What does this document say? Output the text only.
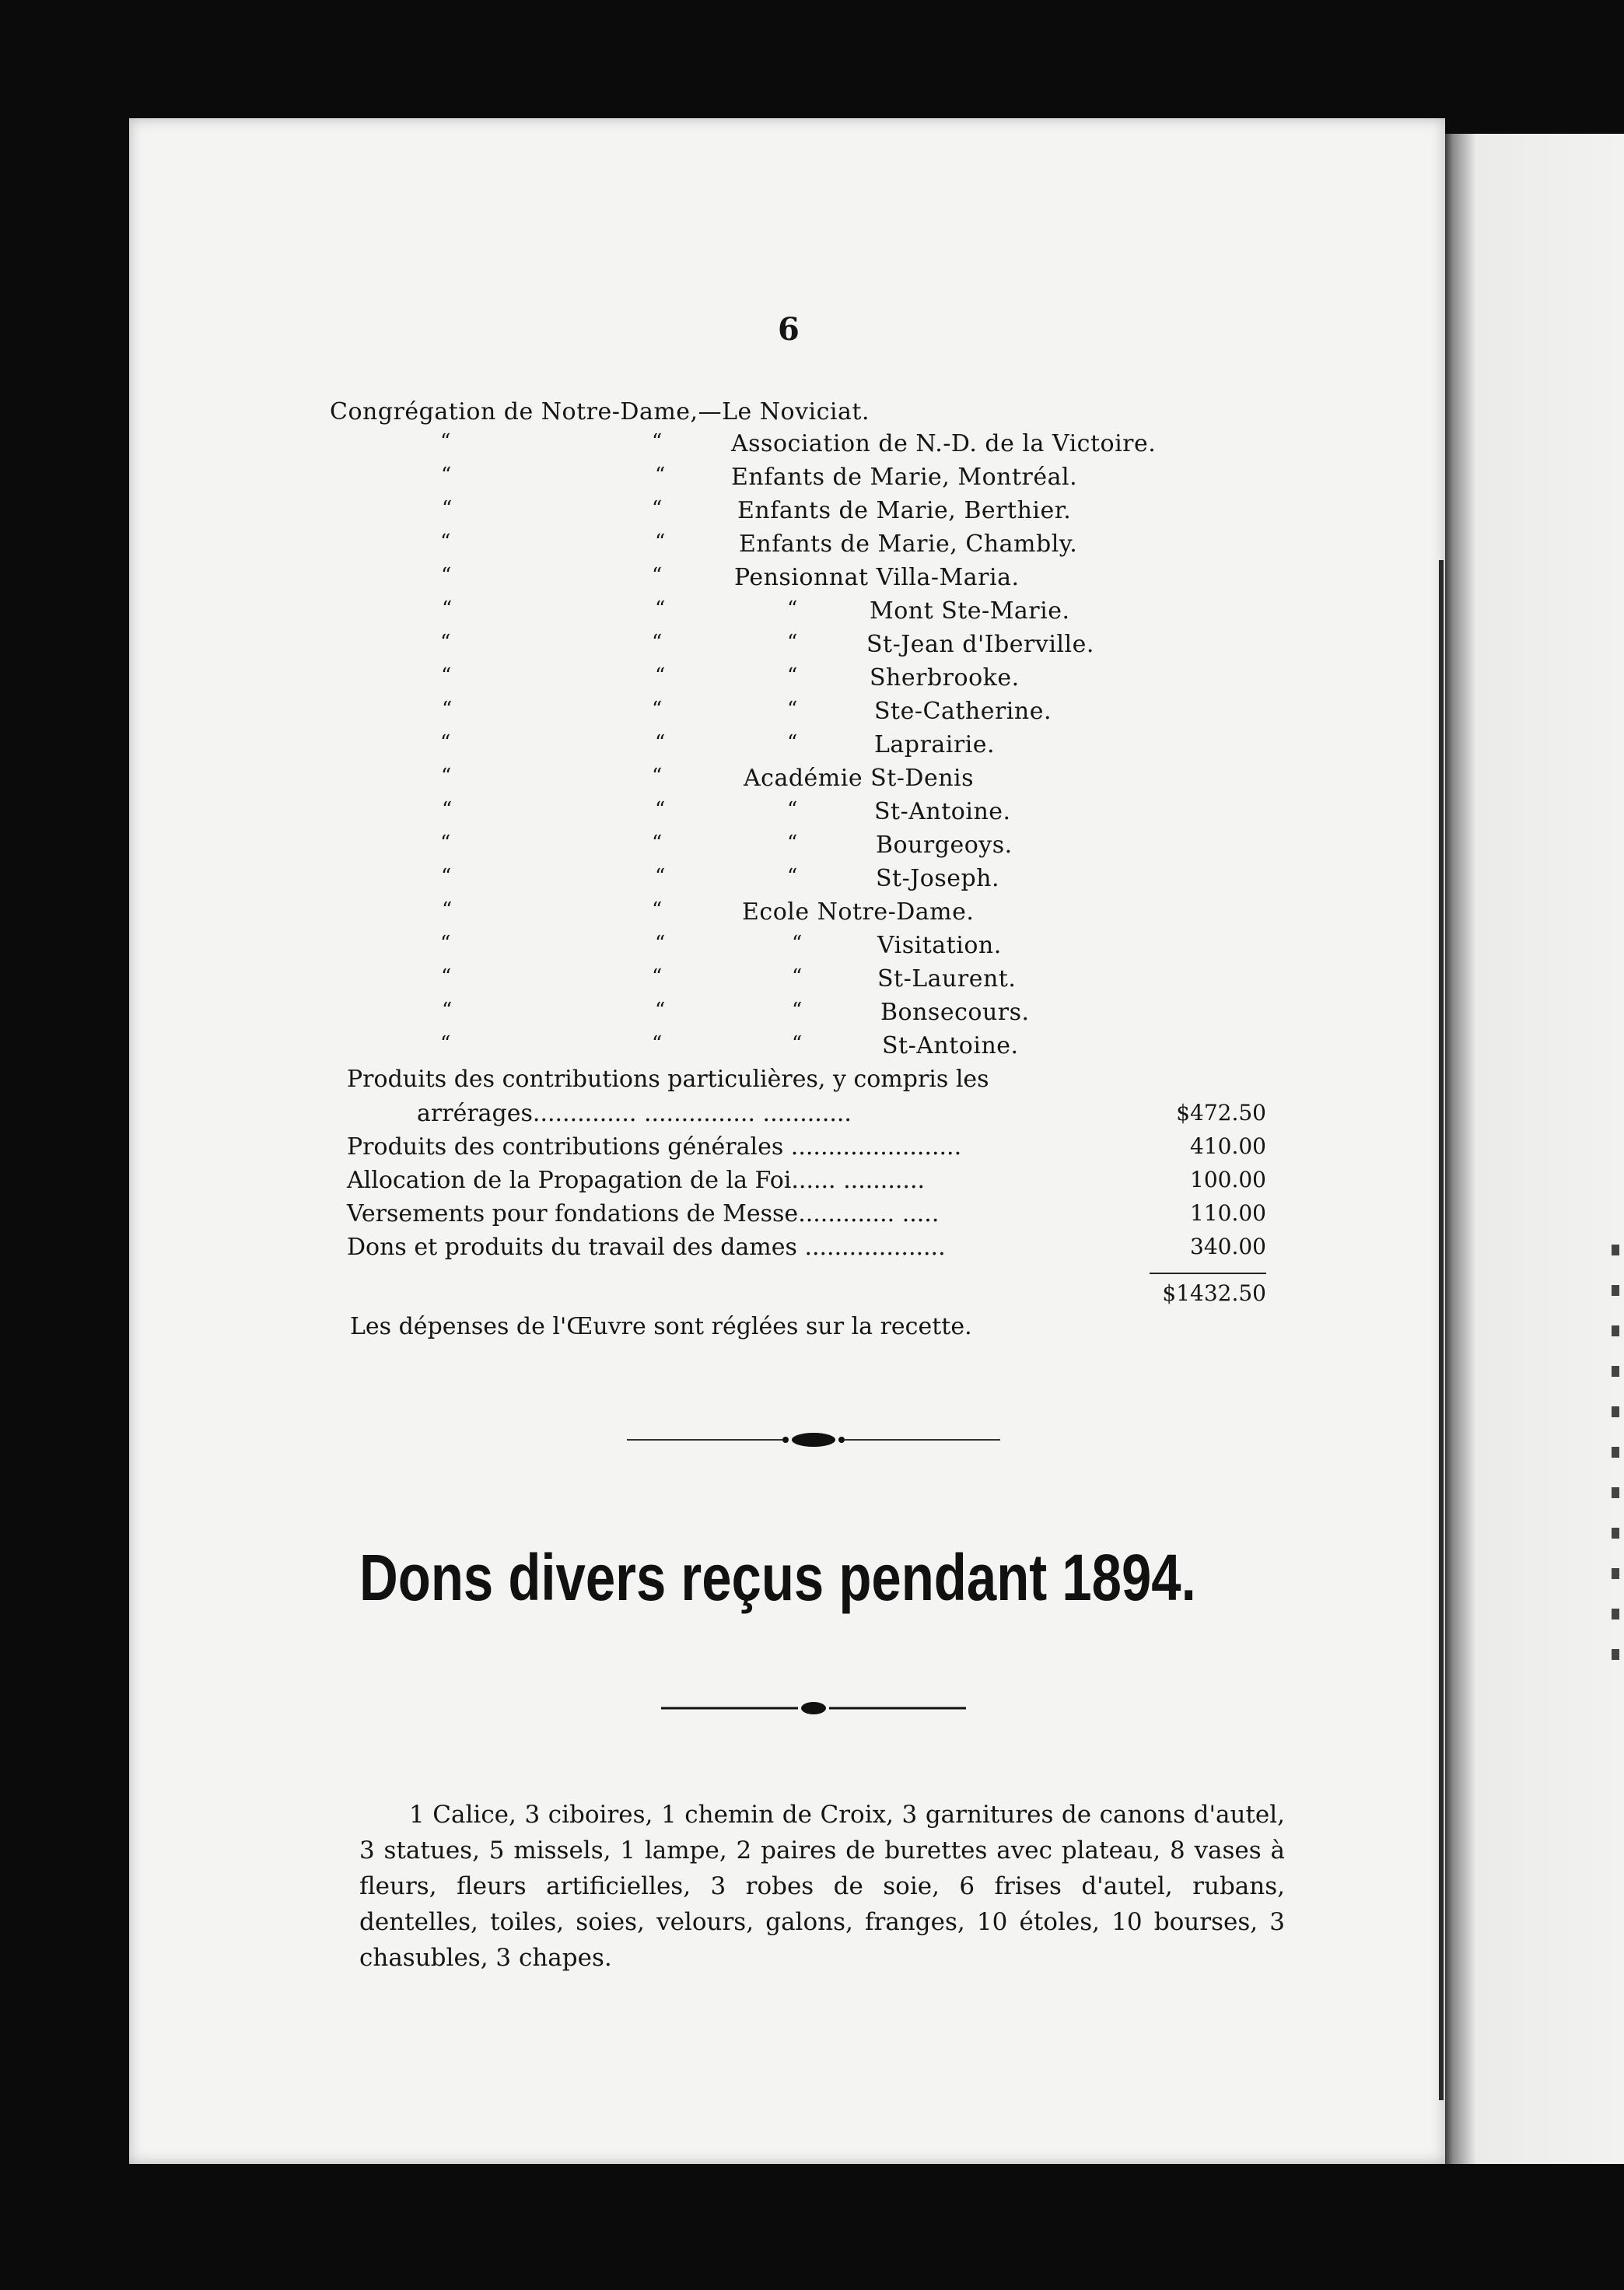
6
Congrégation de Notre-Dame,—Le Noviciat.
“	“	Association de N.-D. de la Victoire.
“	“	Enfants de Marie, Montréal.
“	“	Enfants de Marie, Berthier.
“	“	Enfants de Marie, Chambly.
“	“	Pensionnat Villa-Maria.
“	“	“	Mont Ste-Marie.
“	“	“	St-Jean d'Iberville.
“	“	“	Sherbrooke.
“	“	“	Ste-Catherine.
“	“	“	Laprairie.
“	“	Académie St-Denis
“	“	“	St-Antoine.
“	“	“	Bourgeoys.
“	“	“	St-Joseph.
“	“	Ecole Notre-Dame.
“	“	“	Visitation.
“	“	“	St-Laurent.
“	“	“	Bonsecours.
“	“	“	St-Antoine.
Produits des contributions particulières, y compris les
arrérages.............. ............... ............	$472.50
Produits des contributions générales .......................	410.00
Allocation de la Propagation de la Foi...... ...........	100.00
Versements pour fondations de Messe............. .....	110.00
Dons et produits du travail des dames ...................	340.00
$1432.50
Les dépenses de l'Œuvre sont réglées sur la recette.
Dons divers reçus pendant 1894.
1 Calice, 3 ciboires, 1 chemin de Croix, 3 garnitures de canons d'autel, 3 statues, 5 missels, 1 lampe, 2 paires de burettes avec plateau, 8 vases à fleurs, fleurs artificielles, 3 robes de soie, 6 frises d'autel, rubans, dentelles, toiles, soies, velours, galons, franges, 10 étoles, 10 bourses, 3 chasubles, 3 chapes.
